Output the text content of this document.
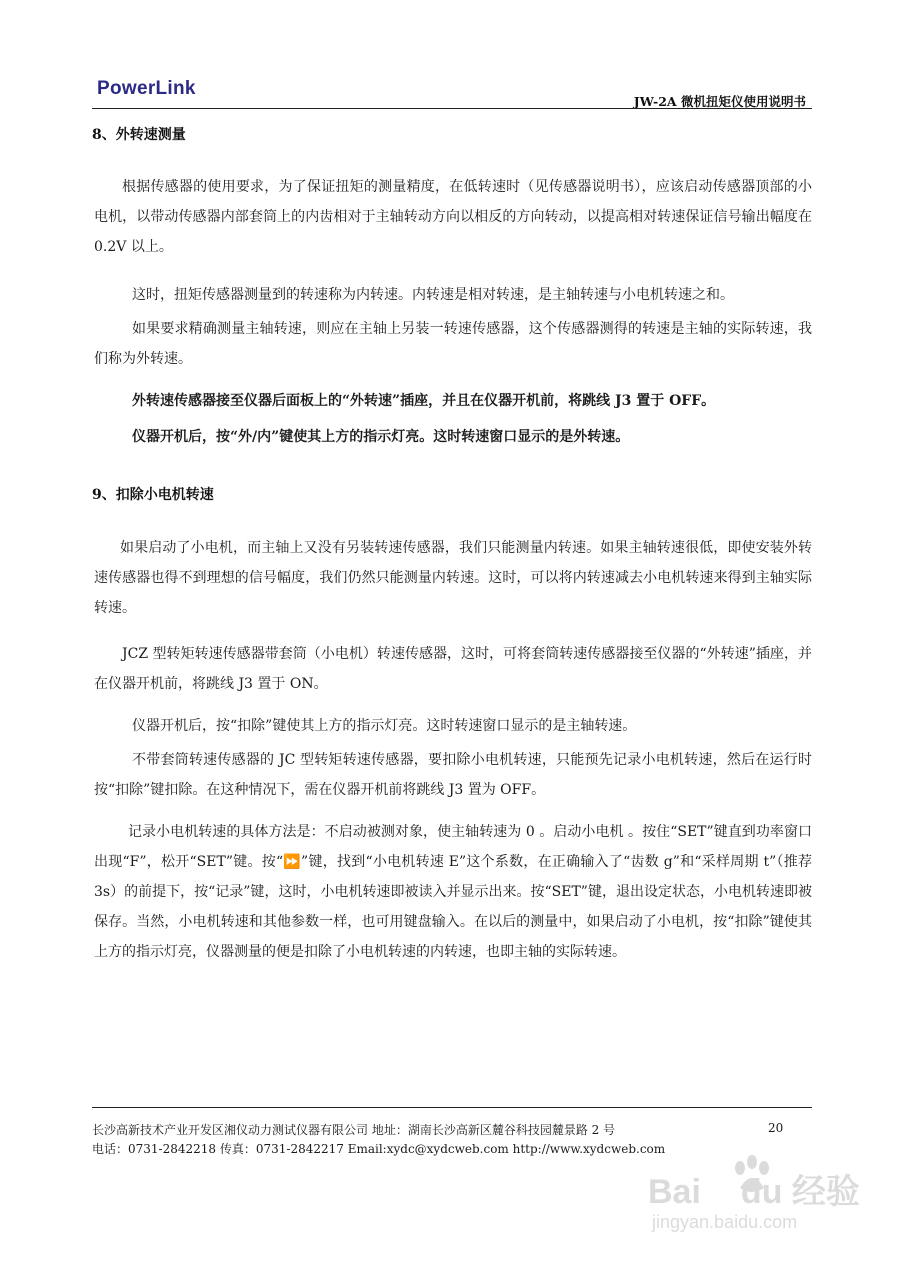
PowerLink
JW-2A 微机扭矩仪使用说明书
8、外转速测量

根据传感器的使用要求，为了保证扭矩的测量精度，在低转速时（见传感器说明书），应该启动传感器顶部的小电机，以带动传感器内部套筒上的内齿相对于主轴转动方向以相反的方向转动，以提高相对转速保证信号输出幅度在 0.2V 以上。

这时，扭矩传感器测量到的转速称为内转速。内转速是相对转速，是主轴转速与小电机转速之和。

如果要求精确测量主轴转速，则应在主轴上另装一转速传感器，这个传感器测得的转速是主轴的实际转速，我们称为外转速。

外转速传感器接至仪器后面板上的“外转速”插座，并且在仪器开机前，将跳线 J3 置于 OFF。

仪器开机后，按“外/内”键使其上方的指示灯亮。这时转速窗口显示的是外转速。

9、扣除小电机转速

如果启动了小电机，而主轴上又没有另装转速传感器，我们只能测量内转速。如果主轴转速很低，即使安装外转速传感器也得不到理想的信号幅度，我们仍然只能测量内转速。这时，可以将内转速减去小电机转速来得到主轴实际转速。

JCZ 型转矩转速传感器带套筒（小电机）转速传感器，这时，可将套筒转速传感器接至仪器的“外转速”插座，并在仪器开机前，将跳线 J3 置于 ON。

仪器开机后，按“扣除”键使其上方的指示灯亮。这时转速窗口显示的是主轴转速。

不带套筒转速传感器的 JC 型转矩转速传感器，要扣除小电机转速，只能预先记录小电机转速，然后在运行时按“扣除”键扣除。在这种情况下，需在仪器开机前将跳线 J3 置为 OFF。

记录小电机转速的具体方法是：不启动被测对象，使主轴转速为 0 。启动小电机 。按住“SET”键直到功率窗口出现“F”，松开“SET”键。按“⏩”键，找到“小电机转速 E”这个系数，在正确输入了“齿数 g”和“采样周期 t”（推荐 3s）的前提下，按“记录”键，这时，小电机转速即被读入并显示出来。按“SET”键，退出设定状态，小电机转速即被保存。当然，小电机转速和其他参数一样，也可用键盘输入。在以后的测量中，如果启动了小电机，按“扣除”键使其 上方的指示灯亮，仪器测量的便是扣除了小电机转速的内转速，也即主轴的实际转速。

长沙高新技术产业开发区湘仪动力测试仪器有限公司 地址：湖南长沙高新区麓谷科技园麓景路 2 号	20
电话：0731-2842218 传真：0731-2842217 Email:xydc@xydcweb.com http://www.xydcweb.com
Bai du 经验
jingyan.baidu.com
